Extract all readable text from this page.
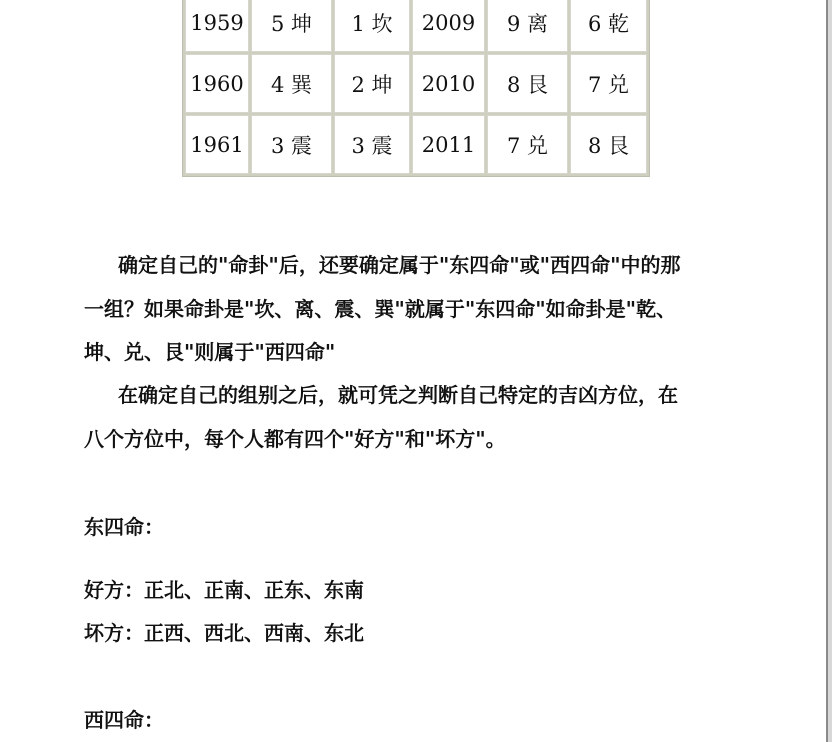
1959	5 坤	1 坎	2009	9 离	6 乾
1960	4 巽	2 坤	2010	8 艮	7 兑
1961	3 震	3 震	2011	7 兑	8 艮

确定自己的"命卦"后，还要确定属于"东四命"或"西四命"中的那

一组？如果命卦是"坎、离、震、巽"就属于"东四命"如命卦是"乾、

坤、兑、艮"则属于"西四命"

在确定自己的组别之后，就可凭之判断自己特定的吉凶方位，在

八个方位中，每个人都有四个"好方"和"坏方"。

东四命：

好方：正北、正南、正东、东南

坏方：正西、西北、西南、东北

西四命：
